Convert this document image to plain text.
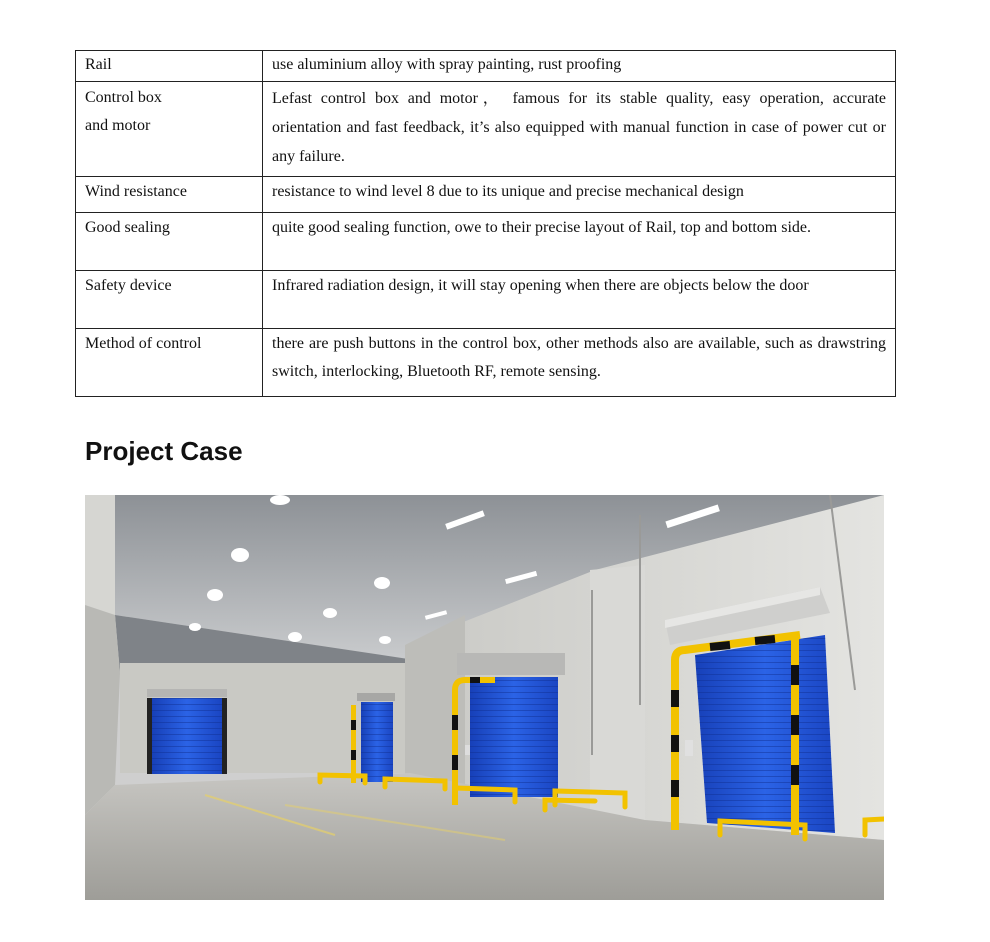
Rail	use aluminium alloy with spray painting, rust proofing

Control box
and motor	Lefast control box and motor， famous for its stable quality, easy operation, accurate orientation and fast feedback, it’s also equipped with manual function in case of power cut or any failure.

Wind resistance	resistance to wind level 8 due to its unique and precise mechanical design

Good sealing	quite good sealing function, owe to their precise layout of Rail, top and bottom side.

Safety device	Infrared radiation design, it will stay opening when there are objects below the door

Method of control	there are push buttons in the control box, other methods also are available, such as drawstring switch, interlocking, Bluetooth RF, remote sensing.
Project Case
